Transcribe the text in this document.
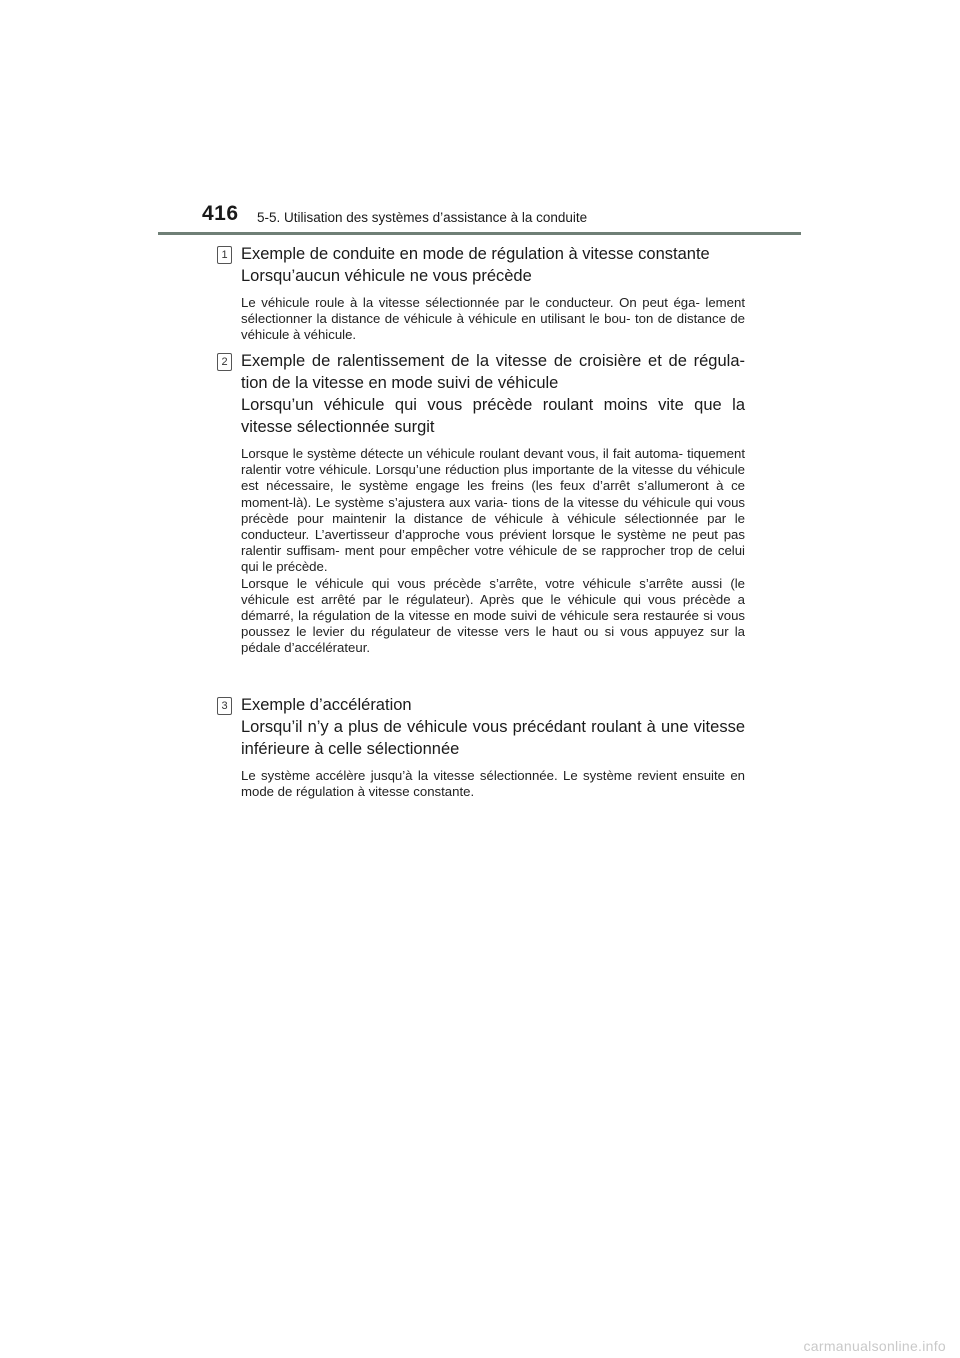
416 5-5. Utilisation des systèmes d’assistance à la conduite
1 Exemple de conduite en mode de régulation à vitesse constante
Lorsqu’aucun véhicule ne vous précède
Le véhicule roule à la vitesse sélectionnée par le conducteur. On peut éga- lement sélectionner la distance de véhicule à véhicule en utilisant le bou- ton de distance de véhicule à véhicule.
2 Exemple de ralentissement de la vitesse de croisière et de régula- tion de la vitesse en mode suivi de véhicule
Lorsqu’un véhicule qui vous précède roulant moins vite que la vitesse sélectionnée surgit
Lorsque le système détecte un véhicule roulant devant vous, il fait automa- tiquement ralentir votre véhicule. Lorsqu’une réduction plus importante de la vitesse du véhicule est nécessaire, le système engage les freins (les feux d’arrêt s’allumeront à ce moment-là). Le système s’ajustera aux varia- tions de la vitesse du véhicule qui vous précède pour maintenir la distance de véhicule à véhicule sélectionnée par le conducteur. L’avertisseur d’approche vous prévient lorsque le système ne peut pas ralentir suffisam- ment pour empêcher votre véhicule de se rapprocher trop de celui qui le précède.
Lorsque le véhicule qui vous précède s’arrête, votre véhicule s’arrête aussi (le véhicule est arrêté par le régulateur). Après que le véhicule qui vous précède a démarré, la régulation de la vitesse en mode suivi de véhicule sera restaurée si vous poussez le levier du régulateur de vitesse vers le haut ou si vous appuyez sur la pédale d’accélérateur.
3 Exemple d’accélération
Lorsqu’il n’y a plus de véhicule vous précédant roulant à une vitesse inférieure à celle sélectionnée
Le système accélère jusqu’à la vitesse sélectionnée. Le système revient ensuite en mode de régulation à vitesse constante.
carmanualsonline.info
